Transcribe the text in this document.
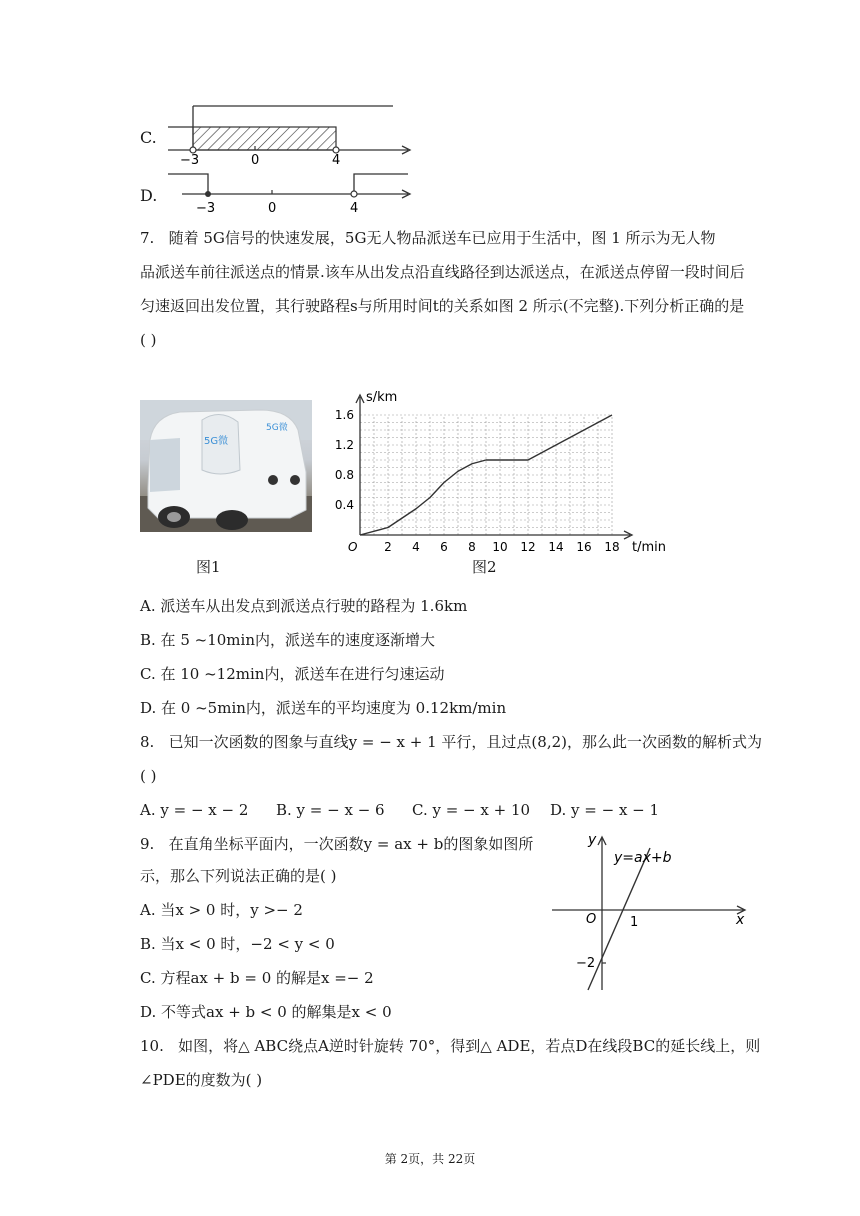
C.
−3	0	4
D.
−3	0	4
7. 随着 5G信号的快速发展，5G无人物品派送车已应用于生活中，图 1 所示为无人物
品派送车前往派送点的情景.该车从出发点沿直线路径到达派送点，在派送点停留一段时间后
匀速返回出发位置，其行驶路程s与所用时间t的关系如图 2 所示(不完整).下列分析正确的是
( )
5G微
5G微
图1
2 4 6 8 10 12 14 16 18
0.4
0.8
1.2
1.6
O	t/min
s/km
图2
A. 派送车从出发点到派送点行驶的路程为 1.6km
B. 在 5 ~10min内，派送车的速度逐渐增大
C. 在 10 ~12min内，派送车在进行匀速运动
D. 在 0 ~5min内，派送车的平均速度为 0.12km/min
8. 已知一次函数的图象与直线y = − x + 1 平行，且过点(8,2)，那么此一次函数的解析式为
( )
A. y = − x − 2 B. y = − x − 6 C. y = − x + 10 D. y = − x − 1
9. 在直角坐标平面内，一次函数y = ax + b的图象如图所
示，那么下列说法正确的是( )
A. 当x > 0 时，y >− 2
B. 当x < 0 时，−2 < y < 0
C. 方程ax + b = 0 的解是x =− 2
D. 不等式ax + b < 0 的解集是x < 0
y
x
O
y=ax+b
1
−2
10. 如图，将△ ABC绕点A逆时针旋转 70°，得到△ ADE，若点D在线段BC的延长线上，则
∠PDE的度数为( )
第 2页，共 22页
